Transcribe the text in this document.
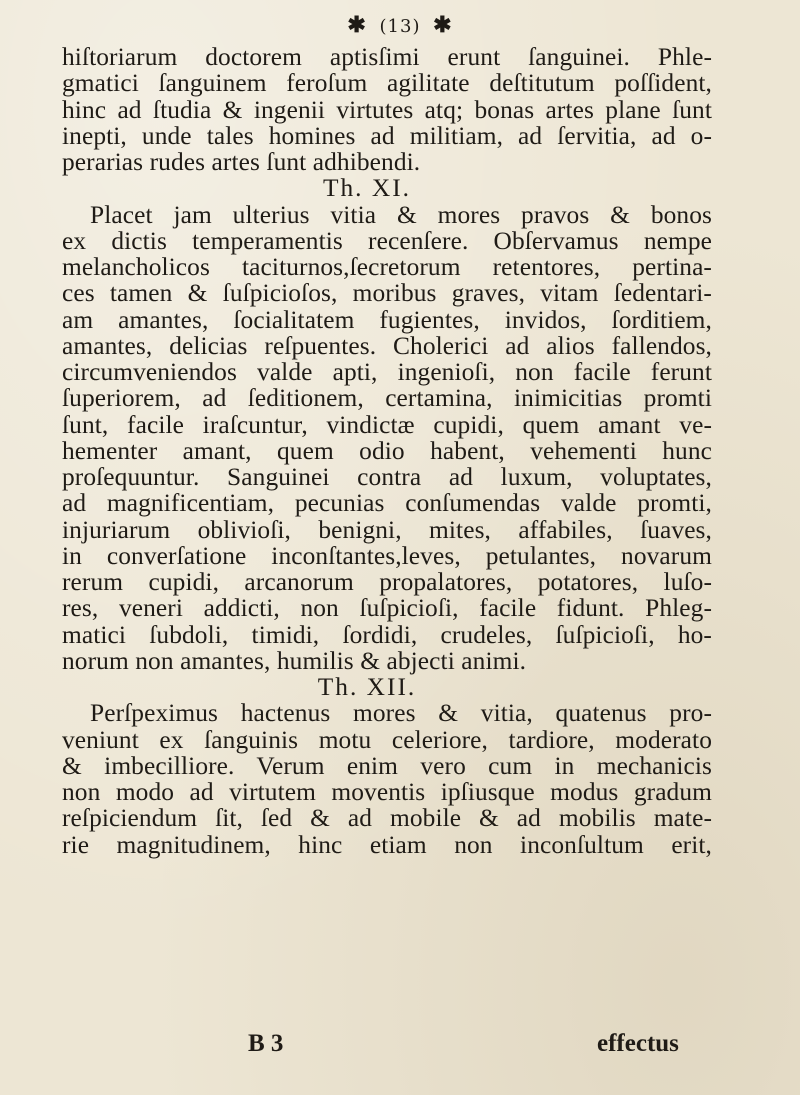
✱ (13) ✱
hiſtoriarum doctorem aptisſimi erunt ſanguinei. Phle-
gmatici ſanguinem feroſum agilitate deſtitutum poſſident,
hinc ad ſtudia & ingenii virtutes atq; bonas artes plane ſunt
inepti, unde tales homines ad militiam, ad ſervitia, ad o-
perarias rudes artes ſunt adhibendi.
Th. XI.
Placet jam ulterius vitia & mores pravos & bonos
ex dictis temperamentis recenſere. Obſervamus nempe
melancholicos taciturnos,ſecretorum retentores, pertina-
ces tamen & ſuſpicioſos, moribus graves, vitam ſedentari-
am amantes, ſocialitatem fugientes, invidos, ſorditiem,
amantes, delicias reſpuentes. Cholerici ad alios fallendos,
circumveniendos valde apti, ingenioſi, non facile ferunt
ſuperiorem, ad ſeditionem, certamina, inimicitias promti
ſunt, facile iraſcuntur, vindictæ cupidi, quem amant ve-
hementer amant, quem odio habent, vehementi hunc
proſequuntur. Sanguinei contra ad luxum, voluptates,
ad magnificentiam, pecunias conſumendas valde promti,
injuriarum oblivioſi, benigni, mites, affabiles, ſuaves,
in converſatione inconſtantes,leves, petulantes, novarum
rerum cupidi, arcanorum propalatores, potatores, luſo-
res, veneri addicti, non ſuſpicioſi, facile fidunt. Phleg-
matici ſubdoli, timidi, ſordidi, crudeles, ſuſpicioſi, ho-
norum non amantes, humilis & abjecti animi.
Th. XII.
Perſpeximus hactenus mores & vitia, quatenus pro-
veniunt ex ſanguinis motu celeriore, tardiore, moderato
& imbecilliore. Verum enim vero cum in mechanicis
non modo ad virtutem moventis ipſiusque modus gradum
reſpiciendum ſit, ſed & ad mobile & ad mobilis mate-
rie magnitudinem, hinc etiam non inconſultum erit,
B 3	effectus
